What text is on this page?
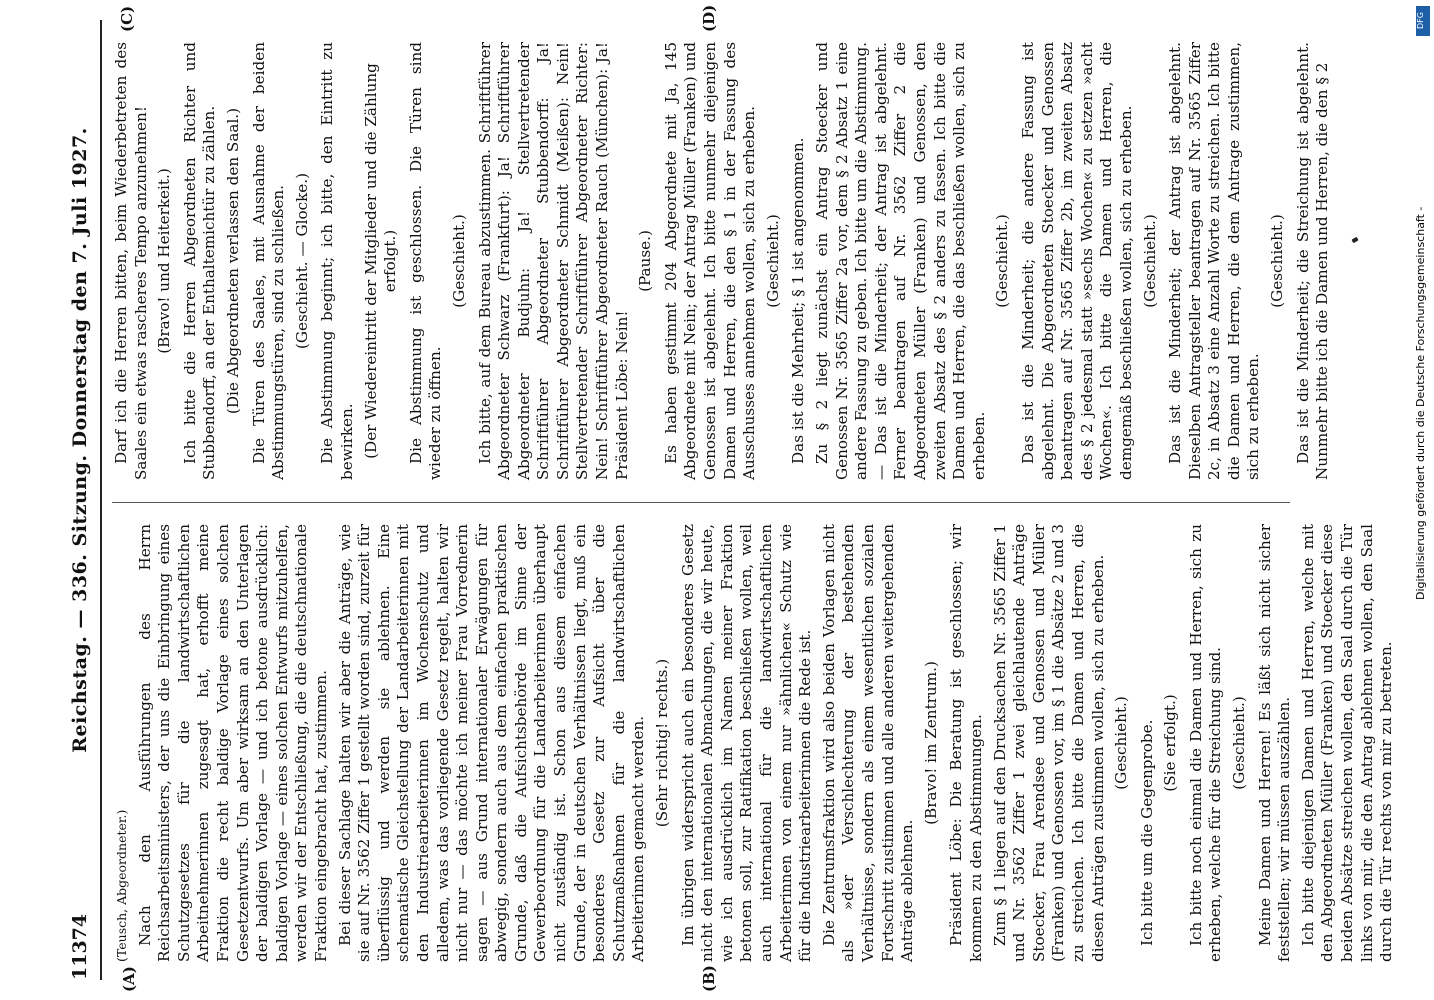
11374
Reichstag. — 336. Sitzung. Donnerstag den 7. Juli 1927.
(A)	(B)
(C)	(D)

(Teusch, Abgeordneter.) Nach den Ausführungen des Herrn Reichsarbeitsministers, der uns die Einbringung eines Schutzgesetzes für die landwirtschaftlichen Arbeitnehmerinnen zugesagt hat, erhofft meine Fraktion die recht baldige Vorlage eines solchen Gesetzentwurfs. Um aber wirksam an den Unterlagen der baldigen Vorlage — und ich betone ausdrücklich: baldigen Vorlage — eines solchen Entwurfs mitzuhelfen, werden wir der Entschließung, die die deutschnationale Fraktion eingebracht hat, zustimmen. Bei dieser Sachlage halten wir aber die Anträge, wie sie auf Nr. 3562 Ziffer 1 gestellt worden sind, zurzeit für überflüssig und werden sie ablehnen. Eine schematische Gleichstellung der Landarbeiterinnen mit den Industriearbeiterinnen im Wochenschutz und alledem, was das vorliegende Gesetz regelt, halten wir nicht nur — das möchte ich meiner Frau Vorrednerin sagen — aus Grund internationaler Erwägungen für abwegig, sondern auch aus dem einfachen praktischen Grunde, daß die Aufsichtsbehörde im Sinne der Gewerbeordnung für die Landarbeiterinnen überhaupt nicht zuständig ist. Schon aus diesem einfachen Grunde, der in deutschen Verhältnissen liegt, muß ein besonderes Gesetz zur Aufsicht über die Schutzmaßnahmen für die landwirtschaftlichen Arbeiterinnen gemacht werden. (Sehr richtig! rechts.) Im übrigen widerspricht auch ein besonderes Gesetz nicht den internationalen Abmachungen, die wir heute, wie ich ausdrücklich im Namen meiner Fraktion betonen soll, zur Ratifikation beschließen wollen, weil auch international für die landwirtschaftlichen Arbeiterinnen von einem nur »ähnlichen« Schutz wie für die Industriearbeiterinnen die Rede ist. Die Zentrumsfraktion wird also beiden Vorlagen nicht als »der Verschlechterung der bestehenden Verhältnisse, sondern als einem wesentlichen sozialen Fortschritt zustimmen und alle anderen weitergehenden Anträge ablehnen.

(Bravo! im Zentrum.) Präsident Löbe: Die Beratung ist geschlossen; wir kommen zu den Abstimmungen. Zum § 1 liegen auf den Drucksachen Nr. 3565 Ziffer 1 und Nr. 3562 Ziffer 1 zwei gleichlautende Anträge Stoecker, Frau Arendsee und Genossen und Müller (Franken) und Genossen vor, im § 1 die Absätze 2 und 3 zu streichen. Ich bitte die Damen und Herren, die diesen Anträgen zustimmen wollen, sich zu erheben. (Geschieht.) Ich bitte um die Gegenprobe. (Sie erfolgt.) Ich bitte noch einmal die Damen und Herren, sich zu erheben, welche für die Streichung sind. (Geschieht.) Meine Damen und Herren! Es läßt sich nicht sicher feststellen; wir müssen auszählen. Ich bitte diejenigen Damen und Herren, welche mit den Abgeordneten Müller (Franken) und Stoecker diese beiden Absätze streichen wollen, den Saal durch die Tür links von mir, die den Antrag ablehnen wollen, den Saal durch die Tür rechts von mir zu betreten.

Darf ich die Herren bitten, beim Wiederbetreten des Saales ein etwas rascheres Tempo anzunehmen! (Bravo! und Heiterkeit.) Ich bitte die Herren Abgeordneten Richter und Stubbendorff, an der Enthaltemichtür zu zählen. (Die Abgeordneten verlassen den Saal.) Die Türen des Saales, mit Ausnahme der beiden Abstimmungstüren, sind zu schließen. (Geschieht. — Glocke.) Die Abstimmung beginnt; ich bitte, den Eintritt zu bewirken. (Der Wiedereintritt der Mitglieder und die Zählung erfolgt.) Die Abstimmung ist geschlossen. Die Türen sind wieder zu öffnen.

(Geschieht.) Ich bitte, auf dem Bureau abzustimmen. Schriftführer Abgeordneter Schwarz (Frankfurt): Ja! Schriftführer Abgeordneter Budjuhn: Ja! Stellvertretender Schriftführer Abgeordneter Stubbendorff: Ja! Schriftführer Abgeordneter Schmidt (Meißen): Nein! Stellvertretender Schriftführer Abgeordneter Richter: Nein! Schriftführer Abgeordneter Rauch (München): Ja! Präsident Löbe: Nein!

(Pause.) Es haben gestimmt 204 Abgeordnete mit Ja, 145 Abgeordnete mit Nein; der Antrag Müller (Franken) und Genossen ist abgelehnt. Ich bitte nunmehr diejenigen Damen und Herren, die den § 1 in der Fassung des Ausschusses annehmen wollen, sich zu erheben. (Geschieht.) Das ist die Mehrheit; § 1 ist angenommen. Zu § 2 liegt zunächst ein Antrag Stoecker und Genossen Nr. 3565 Ziffer 2a vor, dem § 2 Absatz 1 eine andere Fassung zu geben. Ich bitte um die Abstimmung. — Das ist die Minderheit; der Antrag ist abgelehnt. Ferner beantragen auf Nr. 3562 Ziffer 2 die Abgeordneten Müller (Franken) und Genossen, den zweiten Absatz des § 2 anders zu fassen. Ich bitte die Damen und Herren, die das beschließen wollen, sich zu erheben.

(Geschieht.) Das ist die Minderheit; die andere Fassung ist abgelehnt. Die Abgeordneten Stoecker und Genossen beantragen auf Nr. 3565 Ziffer 2b, im zweiten Absatz des § 2 jedesmal statt »sechs Wochen« zu setzen »acht Wochen«. Ich bitte die Damen und Herren, die demgemäß beschließen wollen, sich zu erheben. (Geschieht.) Das ist die Minderheit; der Antrag ist abgelehnt. Dieselben Antragsteller beantragen auf Nr. 3565 Ziffer 2c, in Absatz 3 eine Anzahl Worte zu streichen. Ich bitte die Damen und Herren, die dem Antrage zustimmen, sich zu erheben.

(Geschieht.) Das ist die Minderheit; die Streichung ist abgelehnt. Nunmehr bitte ich die Damen und Herren, die den § 2

DFG
Digitalisierung gefördert durch die Deutsche Forschungsgemeinschaft -
